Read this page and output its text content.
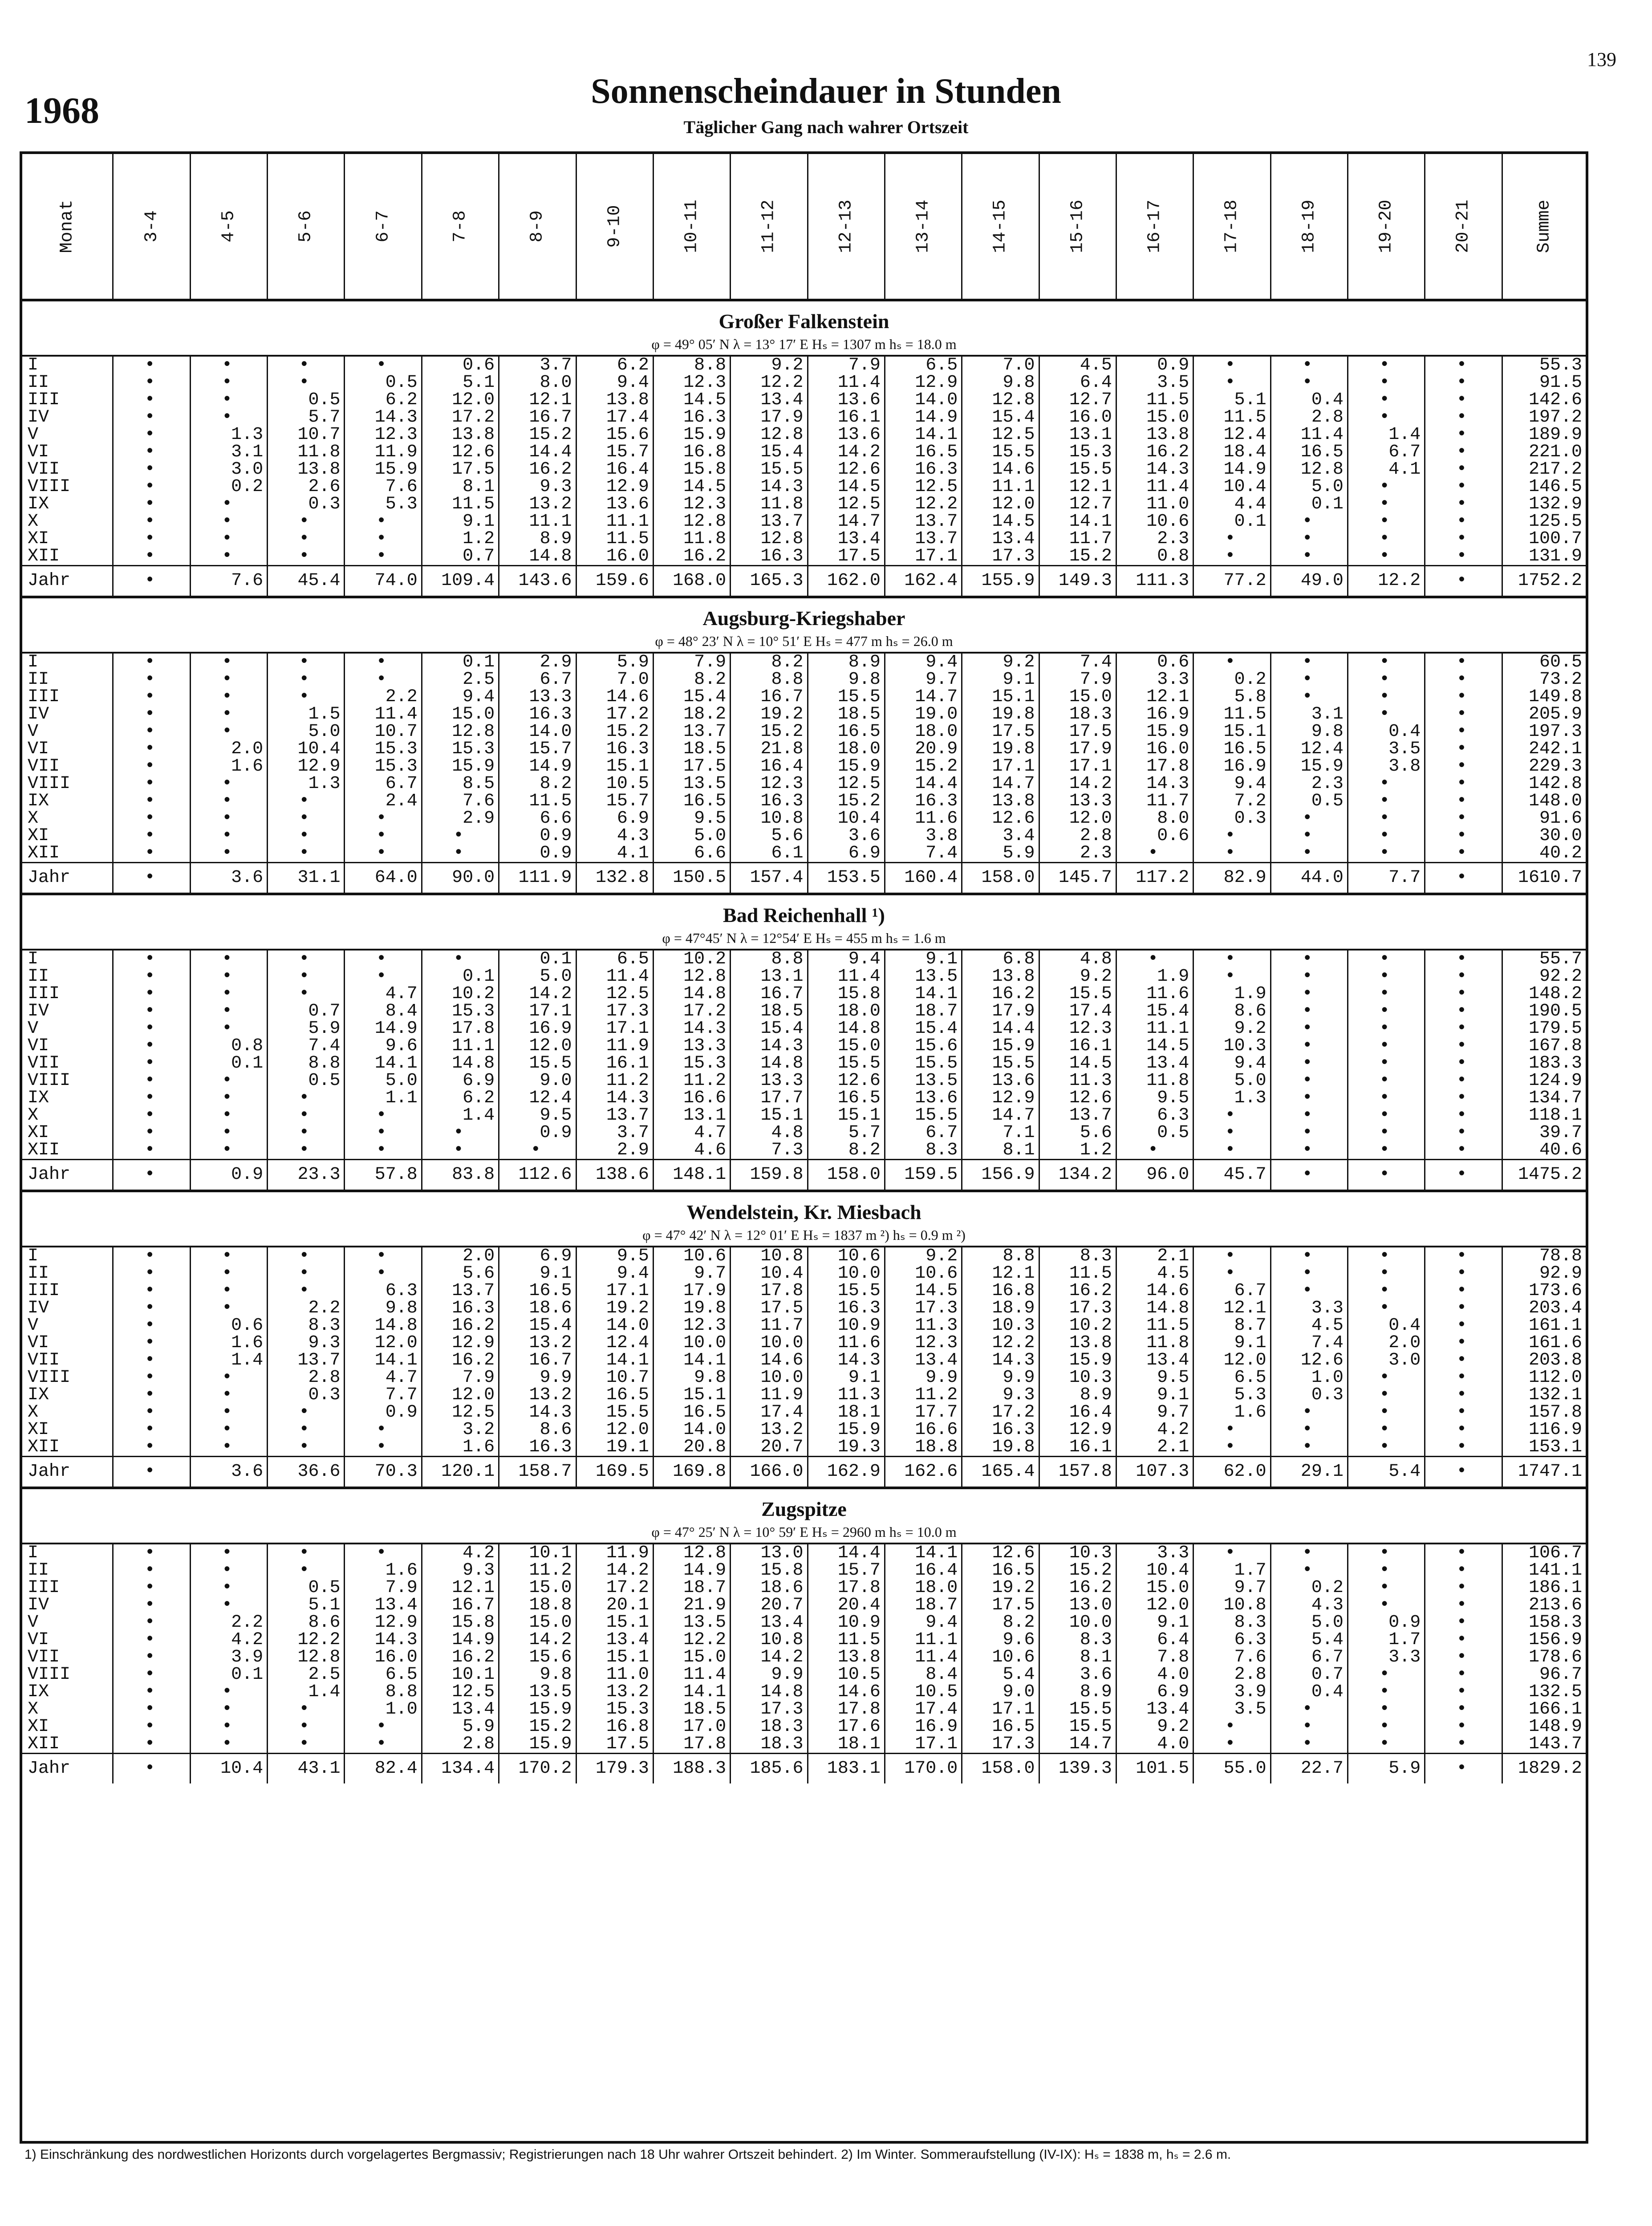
139
1968	Sonnenscheindauer in Stunden
Täglicher Gang nach wahrer Ortszeit
Monat	3-4	4-5	5-6	6-7	7-8	8-9	9-10	10-11	11-12	12-13	13-14	14-15	15-16	16-17	17-18	18-19	19-20	20-21	Summe
Großer Falkenstein																			
φ = 49° 05′ N λ = 13° 17′ E Hₛ = 1307 m hₛ = 18.0 m																			
I	•	•	•	•	0.6	3.7	6.2	8.8	9.2	7.9	6.5	7.0	4.5	0.9	•	•	•	•	55.3
II	•	•	•	0.5	5.1	8.0	9.4	12.3	12.2	11.4	12.9	9.8	6.4	3.5	•	•	•	•	91.5
III	•	•	0.5	6.2	12.0	12.1	13.8	14.5	13.4	13.6	14.0	12.8	12.7	11.5	5.1	0.4	•	•	142.6
IV	•	•	5.7	14.3	17.2	16.7	17.4	16.3	17.9	16.1	14.9	15.4	16.0	15.0	11.5	2.8	•	•	197.2
V	•	1.3	10.7	12.3	13.8	15.2	15.6	15.9	12.8	13.6	14.1	12.5	13.1	13.8	12.4	11.4	1.4	•	189.9
VI	•	3.1	11.8	11.9	12.6	14.4	15.7	16.8	15.4	14.2	16.5	15.5	15.3	16.2	18.4	16.5	6.7	•	221.0
VII	•	3.0	13.8	15.9	17.5	16.2	16.4	15.8	15.5	12.6	16.3	14.6	15.5	14.3	14.9	12.8	4.1	•	217.2
VIII	•	0.2	2.6	7.6	8.1	9.3	12.9	14.5	14.3	14.5	12.5	11.1	12.1	11.4	10.4	5.0	•	•	146.5
IX	•	•	0.3	5.3	11.5	13.2	13.6	12.3	11.8	12.5	12.2	12.0	12.7	11.0	4.4	0.1	•	•	132.9
X	•	•	•	•	9.1	11.1	11.1	12.8	13.7	14.7	13.7	14.5	14.1	10.6	0.1	•	•	•	125.5
XI	•	•	•	•	1.2	8.9	11.5	11.8	12.8	13.4	13.7	13.4	11.7	2.3	•	•	•	•	100.7
XII	•	•	•	•	0.7	14.8	16.0	16.2	16.3	17.5	17.1	17.3	15.2	0.8	•	•	•	•	131.9
Jahr	•	7.6	45.4	74.0	109.4	143.6	159.6	168.0	165.3	162.0	162.4	155.9	149.3	111.3	77.2	49.0	12.2	•	1752.2
Augsburg-Kriegshaber																			
φ = 48° 23′ N λ = 10° 51′ E Hₛ = 477 m hₛ = 26.0 m																			
I	•	•	•	•	0.1	2.9	5.9	7.9	8.2	8.9	9.4	9.2	7.4	0.6	•	•	•	•	60.5
II	•	•	•	•	2.5	6.7	7.0	8.2	8.8	9.8	9.7	9.1	7.9	3.3	0.2	•	•	•	73.2
III	•	•	•	2.2	9.4	13.3	14.6	15.4	16.7	15.5	14.7	15.1	15.0	12.1	5.8	•	•	•	149.8
IV	•	•	1.5	11.4	15.0	16.3	17.2	18.2	19.2	18.5	19.0	19.8	18.3	16.9	11.5	3.1	•	•	205.9
V	•	•	5.0	10.7	12.8	14.0	15.2	13.7	15.2	16.5	18.0	17.5	17.5	15.9	15.1	9.8	0.4	•	197.3
VI	•	2.0	10.4	15.3	15.3	15.7	16.3	18.5	21.8	18.0	20.9	19.8	17.9	16.0	16.5	12.4	3.5	•	242.1
VII	•	1.6	12.9	15.3	15.9	14.9	15.1	17.5	16.4	15.9	15.2	17.1	17.1	17.8	16.9	15.9	3.8	•	229.3
VIII	•	•	1.3	6.7	8.5	8.2	10.5	13.5	12.3	12.5	14.4	14.7	14.2	14.3	9.4	2.3	•	•	142.8
IX	•	•	•	2.4	7.6	11.5	15.7	16.5	16.3	15.2	16.3	13.8	13.3	11.7	7.2	0.5	•	•	148.0
X	•	•	•	•	2.9	6.6	6.9	9.5	10.8	10.4	11.6	12.6	12.0	8.0	0.3	•	•	•	91.6
XI	•	•	•	•	•	0.9	4.3	5.0	5.6	3.6	3.8	3.4	2.8	0.6	•	•	•	•	30.0
XII	•	•	•	•	•	0.9	4.1	6.6	6.1	6.9	7.4	5.9	2.3	•	•	•	•	•	40.2
Jahr	•	3.6	31.1	64.0	90.0	111.9	132.8	150.5	157.4	153.5	160.4	158.0	145.7	117.2	82.9	44.0	7.7	•	1610.7
Bad Reichenhall ¹)																			
φ = 47°45′ N λ = 12°54′ E Hₛ = 455 m hₛ = 1.6 m																			
I	•	•	•	•	•	0.1	6.5	10.2	8.8	9.4	9.1	6.8	4.8	•	•	•	•	•	55.7
II	•	•	•	•	0.1	5.0	11.4	12.8	13.1	11.4	13.5	13.8	9.2	1.9	•	•	•	•	92.2
III	•	•	•	4.7	10.2	14.2	12.5	14.8	16.7	15.8	14.1	16.2	15.5	11.6	1.9	•	•	•	148.2
IV	•	•	0.7	8.4	15.3	17.1	17.3	17.2	18.5	18.0	18.7	17.9	17.4	15.4	8.6	•	•	•	190.5
V	•	•	5.9	14.9	17.8	16.9	17.1	14.3	15.4	14.8	15.4	14.4	12.3	11.1	9.2	•	•	•	179.5
VI	•	0.8	7.4	9.6	11.1	12.0	11.9	13.3	14.3	15.0	15.6	15.9	16.1	14.5	10.3	•	•	•	167.8
VII	•	0.1	8.8	14.1	14.8	15.5	16.1	15.3	14.8	15.5	15.5	15.5	14.5	13.4	9.4	•	•	•	183.3
VIII	•	•	0.5	5.0	6.9	9.0	11.2	11.2	13.3	12.6	13.5	13.6	11.3	11.8	5.0	•	•	•	124.9
IX	•	•	•	1.1	6.2	12.4	14.3	16.6	17.7	16.5	13.6	12.9	12.6	9.5	1.3	•	•	•	134.7
X	•	•	•	•	1.4	9.5	13.7	13.1	15.1	15.1	15.5	14.7	13.7	6.3	•	•	•	•	118.1
XI	•	•	•	•	•	0.9	3.7	4.7	4.8	5.7	6.7	7.1	5.6	0.5	•	•	•	•	39.7
XII	•	•	•	•	•	•	2.9	4.6	7.3	8.2	8.3	8.1	1.2	•	•	•	•	•	40.6
Jahr	•	0.9	23.3	57.8	83.8	112.6	138.6	148.1	159.8	158.0	159.5	156.9	134.2	96.0	45.7	•	•	•	1475.2
Wendelstein, Kr. Miesbach																			
φ = 47° 42′ N λ = 12° 01′ E Hₛ = 1837 m ²) hₛ = 0.9 m ²)																			
I	•	•	•	•	2.0	6.9	9.5	10.6	10.8	10.6	9.2	8.8	8.3	2.1	•	•	•	•	78.8
II	•	•	•	•	5.6	9.1	9.4	9.7	10.4	10.0	10.6	12.1	11.5	4.5	•	•	•	•	92.9
III	•	•	•	6.3	13.7	16.5	17.1	17.9	17.8	15.5	14.5	16.8	16.2	14.6	6.7	•	•	•	173.6
IV	•	•	2.2	9.8	16.3	18.6	19.2	19.8	17.5	16.3	17.3	18.9	17.3	14.8	12.1	3.3	•	•	203.4
V	•	0.6	8.3	14.8	16.2	15.4	14.0	12.3	11.7	10.9	11.3	10.3	10.2	11.5	8.7	4.5	0.4	•	161.1
VI	•	1.6	9.3	12.0	12.9	13.2	12.4	10.0	10.0	11.6	12.3	12.2	13.8	11.8	9.1	7.4	2.0	•	161.6
VII	•	1.4	13.7	14.1	16.2	16.7	14.1	14.1	14.6	14.3	13.4	14.3	15.9	13.4	12.0	12.6	3.0	•	203.8
VIII	•	•	2.8	4.7	7.9	9.9	10.7	9.8	10.0	9.1	9.9	9.9	10.3	9.5	6.5	1.0	•	•	112.0
IX	•	•	0.3	7.7	12.0	13.2	16.5	15.1	11.9	11.3	11.2	9.3	8.9	9.1	5.3	0.3	•	•	132.1
X	•	•	•	0.9	12.5	14.3	15.5	16.5	17.4	18.1	17.7	17.2	16.4	9.7	1.6	•	•	•	157.8
XI	•	•	•	•	3.2	8.6	12.0	14.0	13.2	15.9	16.6	16.3	12.9	4.2	•	•	•	•	116.9
XII	•	•	•	•	1.6	16.3	19.1	20.8	20.7	19.3	18.8	19.8	16.1	2.1	•	•	•	•	153.1
Jahr	•	3.6	36.6	70.3	120.1	158.7	169.5	169.8	166.0	162.9	162.6	165.4	157.8	107.3	62.0	29.1	5.4	•	1747.1
Zugspitze																			
φ = 47° 25′ N λ = 10° 59′ E Hₛ = 2960 m hₛ = 10.0 m																			
I	•	•	•	•	4.2	10.1	11.9	12.8	13.0	14.4	14.1	12.6	10.3	3.3	•	•	•	•	106.7
II	•	•	•	1.6	9.3	11.2	14.2	14.9	15.8	15.7	16.4	16.5	15.2	10.4	1.7	•	•	•	141.1
III	•	•	0.5	7.9	12.1	15.0	17.2	18.7	18.6	17.8	18.0	19.2	16.2	15.0	9.7	0.2	•	•	186.1
IV	•	•	5.1	13.4	16.7	18.8	20.1	21.9	20.7	20.4	18.7	17.5	13.0	12.0	10.8	4.3	•	•	213.6
V	•	2.2	8.6	12.9	15.8	15.0	15.1	13.5	13.4	10.9	9.4	8.2	10.0	9.1	8.3	5.0	0.9	•	158.3
VI	•	4.2	12.2	14.3	14.9	14.2	13.4	12.2	10.8	11.5	11.1	9.6	8.3	6.4	6.3	5.4	1.7	•	156.9
VII	•	3.9	12.8	16.0	16.2	15.6	15.1	15.0	14.2	13.8	11.4	10.6	8.1	7.8	7.6	6.7	3.3	•	178.6
VIII	•	0.1	2.5	6.5	10.1	9.8	11.0	11.4	9.9	10.5	8.4	5.4	3.6	4.0	2.8	0.7	•	•	96.7
IX	•	•	1.4	8.8	12.5	13.5	13.2	14.1	14.8	14.6	10.5	9.0	8.9	6.9	3.9	0.4	•	•	132.5
X	•	•	•	1.0	13.4	15.9	15.3	18.5	17.3	17.8	17.4	17.1	15.5	13.4	3.5	•	•	•	166.1
XI	•	•	•	•	5.9	15.2	16.8	17.0	18.3	17.6	16.9	16.5	15.5	9.2	•	•	•	•	148.9
XII	•	•	•	•	2.8	15.9	17.5	17.8	18.3	18.1	17.1	17.3	14.7	4.0	•	•	•	•	143.7
Jahr	•	10.4	43.1	82.4	134.4	170.2	179.3	188.3	185.6	183.1	170.0	158.0	139.3	101.5	55.0	22.7	5.9	•	1829.2
1) Einschränkung des nordwestlichen Horizonts durch vorgelagertes Bergmassiv; Registrierungen nach 18 Uhr wahrer Ortszeit behindert. 2) Im Winter. Sommeraufstellung (IV-IX): Hₛ = 1838 m, hₛ = 2.6 m.
